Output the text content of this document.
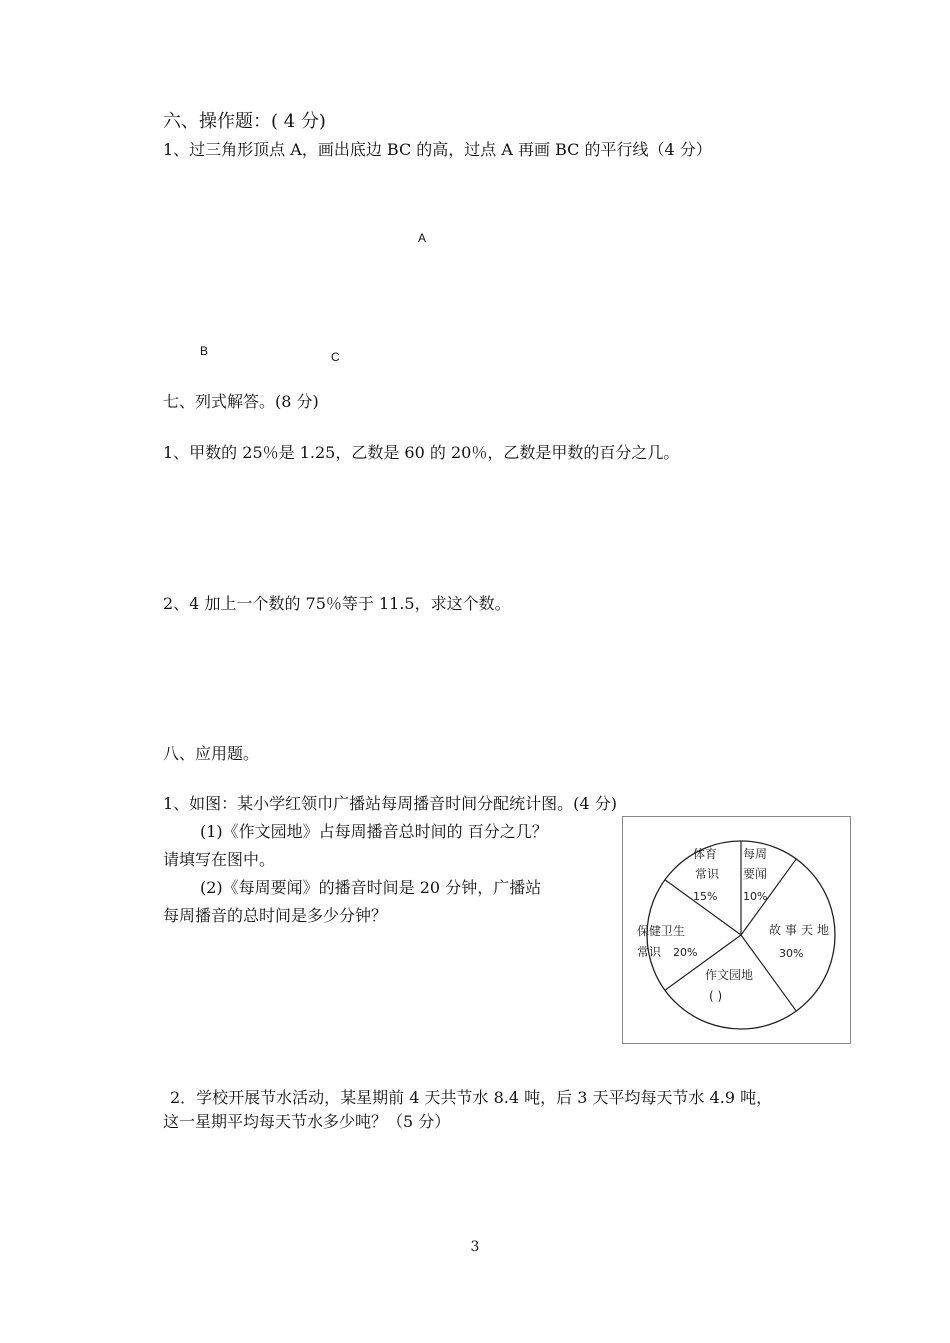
六、操作题：( 4 分)
1、过三角形顶点 A，画出底边 BC 的高，过点 A 再画 BC 的平行线（4 分）
A
B	C
七、列式解答。(8 分)
1、甲数的 25％是 1.25，乙数是 60 的 20％，乙数是甲数的百分之几。
2、4 加上一个数的 75％等于 11.5，求这个数。
八、应用题。
1、如图：某小学红领巾广播站每周播音时间分配统计图。(4 分)
(1)《作文园地》占每周播音总时间的 百分之几？
请填写在图中。
(2)《每周要闻》的播音时间是 20 分钟，广播站
每周播音的总时间是多少分钟？
体育
常识
15%
每周
要闻
10%
故事天地
30%
作文园地
( )
保健卫生
常识 20%
2．学校开展节水活动，某星期前 4 天共节水 8.4 吨，后 3 天平均每天节水 4.9 吨，
这一星期平均每天节水多少吨？（5 分）
3
